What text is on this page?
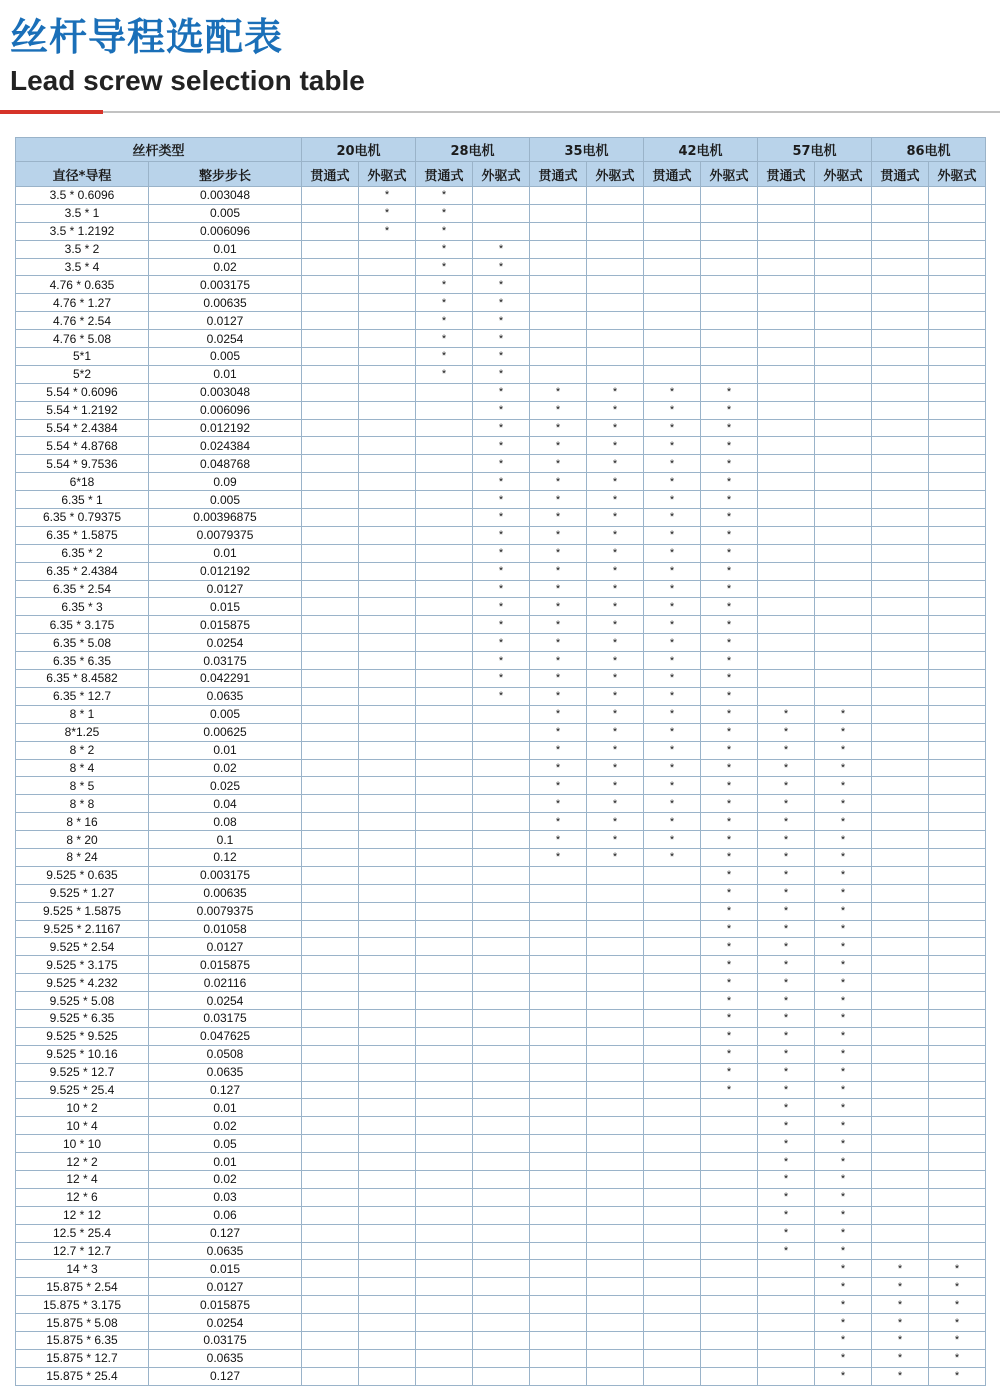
丝杆导程选配表
Lead screw selection table
丝杆类型		20电机		28电机		35电机		42电机		57电机		86电机	
直径*导程	整步步长	贯通式	外驱式	贯通式	外驱式	贯通式	外驱式	贯通式	外驱式	贯通式	外驱式	贯通式	外驱式
3.5 * 0.6096	0.003048		*	*									
3.5 * 1	0.005		*	*									
3.5 * 1.2192	0.006096		*	*									
3.5 * 2	0.01			*	*								
3.5 * 4	0.02			*	*								
4.76 * 0.635	0.003175			*	*								
4.76 * 1.27	0.00635			*	*								
4.76 * 2.54	0.0127			*	*								
4.76 * 5.08	0.0254			*	*								
5*1	0.005			*	*								
5*2	0.01			*	*								
5.54 * 0.6096	0.003048				*	*	*	*	*				
5.54 * 1.2192	0.006096				*	*	*	*	*				
5.54 * 2.4384	0.012192				*	*	*	*	*				
5.54 * 4.8768	0.024384				*	*	*	*	*				
5.54 * 9.7536	0.048768				*	*	*	*	*				
6*18	0.09				*	*	*	*	*				
6.35 * 1	0.005				*	*	*	*	*				
6.35 * 0.79375	0.00396875				*	*	*	*	*				
6.35 * 1.5875	0.0079375				*	*	*	*	*				
6.35 * 2	0.01				*	*	*	*	*				
6.35 * 2.4384	0.012192				*	*	*	*	*				
6.35 * 2.54	0.0127				*	*	*	*	*				
6.35 * 3	0.015				*	*	*	*	*				
6.35 * 3.175	0.015875				*	*	*	*	*				
6.35 * 5.08	0.0254				*	*	*	*	*				
6.35 * 6.35	0.03175				*	*	*	*	*				
6.35 * 8.4582	0.042291				*	*	*	*	*				
6.35 * 12.7	0.0635				*	*	*	*	*				
8 * 1	0.005					*	*	*	*	*	*		
8*1.25	0.00625					*	*	*	*	*	*		
8 * 2	0.01					*	*	*	*	*	*		
8 * 4	0.02					*	*	*	*	*	*		
8 * 5	0.025					*	*	*	*	*	*		
8 * 8	0.04					*	*	*	*	*	*		
8 * 16	0.08					*	*	*	*	*	*		
8 * 20	0.1					*	*	*	*	*	*		
8 * 24	0.12					*	*	*	*	*	*		
9.525 * 0.635	0.003175								*	*	*		
9.525 * 1.27	0.00635								*	*	*		
9.525 * 1.5875	0.0079375								*	*	*		
9.525 * 2.1167	0.01058								*	*	*		
9.525 * 2.54	0.0127								*	*	*		
9.525 * 3.175	0.015875								*	*	*		
9.525 * 4.232	0.02116								*	*	*		
9.525 * 5.08	0.0254								*	*	*		
9.525 * 6.35	0.03175								*	*	*		
9.525 * 9.525	0.047625								*	*	*		
9.525 * 10.16	0.0508								*	*	*		
9.525 * 12.7	0.0635								*	*	*		
9.525 * 25.4	0.127								*	*	*		
10 * 2	0.01									*	*		
10 * 4	0.02									*	*		
10 * 10	0.05									*	*		
12 * 2	0.01									*	*		
12 * 4	0.02									*	*		
12 * 6	0.03									*	*		
12 * 12	0.06									*	*		
12.5 * 25.4	0.127									*	*		
12.7 * 12.7	0.0635									*	*		
14 * 3	0.015										*	*	*
15.875 * 2.54	0.0127										*	*	*
15.875 * 3.175	0.015875										*	*	*
15.875 * 5.08	0.0254										*	*	*
15.875 * 6.35	0.03175										*	*	*
15.875 * 12.7	0.0635										*	*	*
15.875 * 25.4	0.127										*	*	*
